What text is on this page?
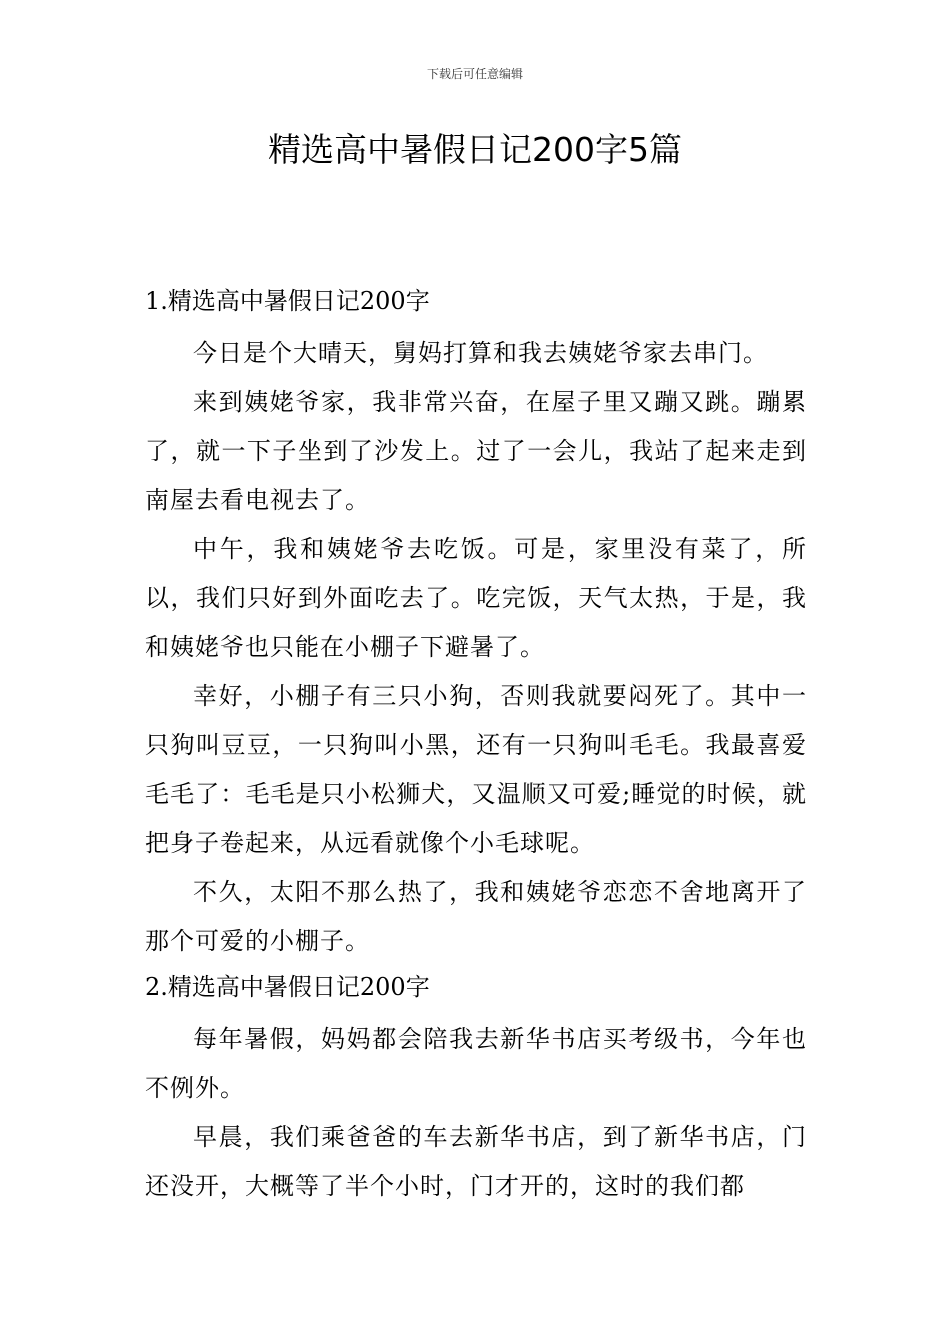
下载后可任意编辑
精选高中暑假日记200字5篇

1.精选高中暑假日记200字

今日是个大晴天，舅妈打算和我去姨姥爷家去串门。

来到姨姥爷家，我非常兴奋，在屋子里又蹦又跳。蹦累了，就一下子坐到了沙发上。过了一会儿，我站了起来走到南屋去看电视去了。

中午，我和姨姥爷去吃饭。可是，家里没有菜了，所以，我们只好到外面吃去了。吃完饭，天气太热，于是，我和姨姥爷也只能在小棚子下避暑了。

幸好，小棚子有三只小狗，否则我就要闷死了。其中一只狗叫豆豆，一只狗叫小黑，还有一只狗叫毛毛。我最喜爱毛毛了：毛毛是只小松狮犬，又温顺又可爱;睡觉的时候，就把身子卷起来，从远看就像个小毛球呢。

不久，太阳不那么热了，我和姨姥爷恋恋不舍地离开了那个可爱的小棚子。

2.精选高中暑假日记200字

每年暑假，妈妈都会陪我去新华书店买考级书，今年也不例外。

早晨，我们乘爸爸的车去新华书店，到了新华书店，门还没开，大概等了半个小时，门才开的，这时的我们都
